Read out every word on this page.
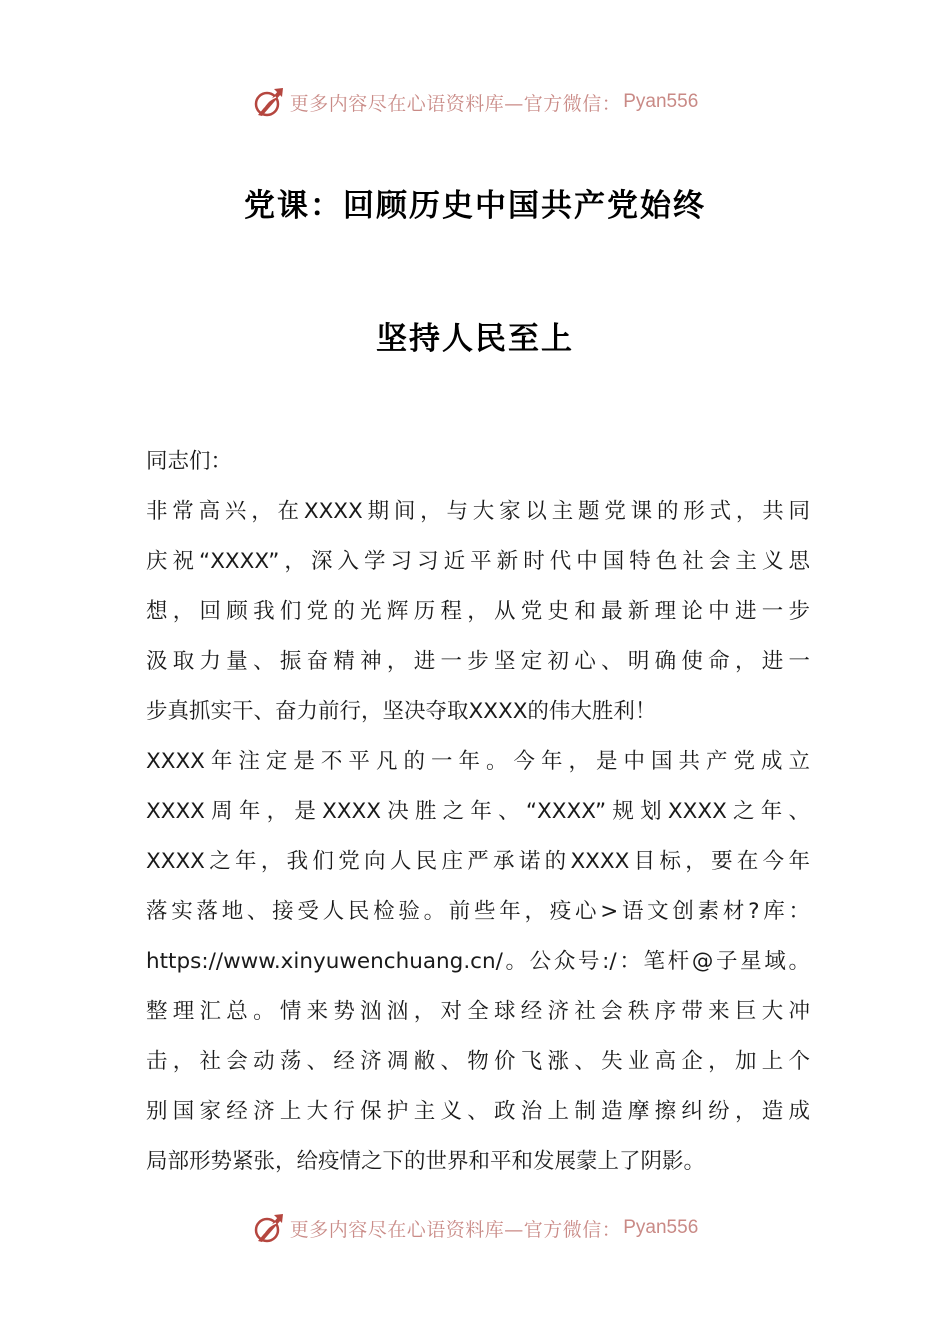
更多内容尽在心语资料库—官方微信： Pyan556
党课：回顾历史中国共产党始终
坚持人民至上
同志们：
非常高兴，在XXXX期间，与大家以主题党课的形式，共同
庆祝“XXXX”，深入学习习近平新时代中国特色社会主义思
想，回顾我们党的光辉历程，从党史和最新理论中进一步
汲取力量、振奋精神，进一步坚定初心、明确使命，进一
步真抓实干、奋力前行，坚决夺取XXXX的伟大胜利！
XXXX年注定是不平凡的一年。今年，是中国共产党成立
XXXX周年，是XXXX决胜之年、“XXXX”规划XXXX之年、
XXXX之年，我们党向人民庄严承诺的XXXX目标，要在今年
落实落地、接受人民检验。前些年，疫心>语文创素材?库：
https://www.xinyuwenchuang.cn/。公众号:/：笔杆@子星域。
整理汇总。情来势汹汹，对全球经济社会秩序带来巨大冲
击，社会动荡、经济凋敝、物价飞涨、失业高企，加上个
别国家经济上大行保护主义、政治上制造摩擦纠纷，造成
局部形势紧张，给疫情之下的世界和平和发展蒙上了阴影。
更多内容尽在心语资料库—官方微信： Pyan556
